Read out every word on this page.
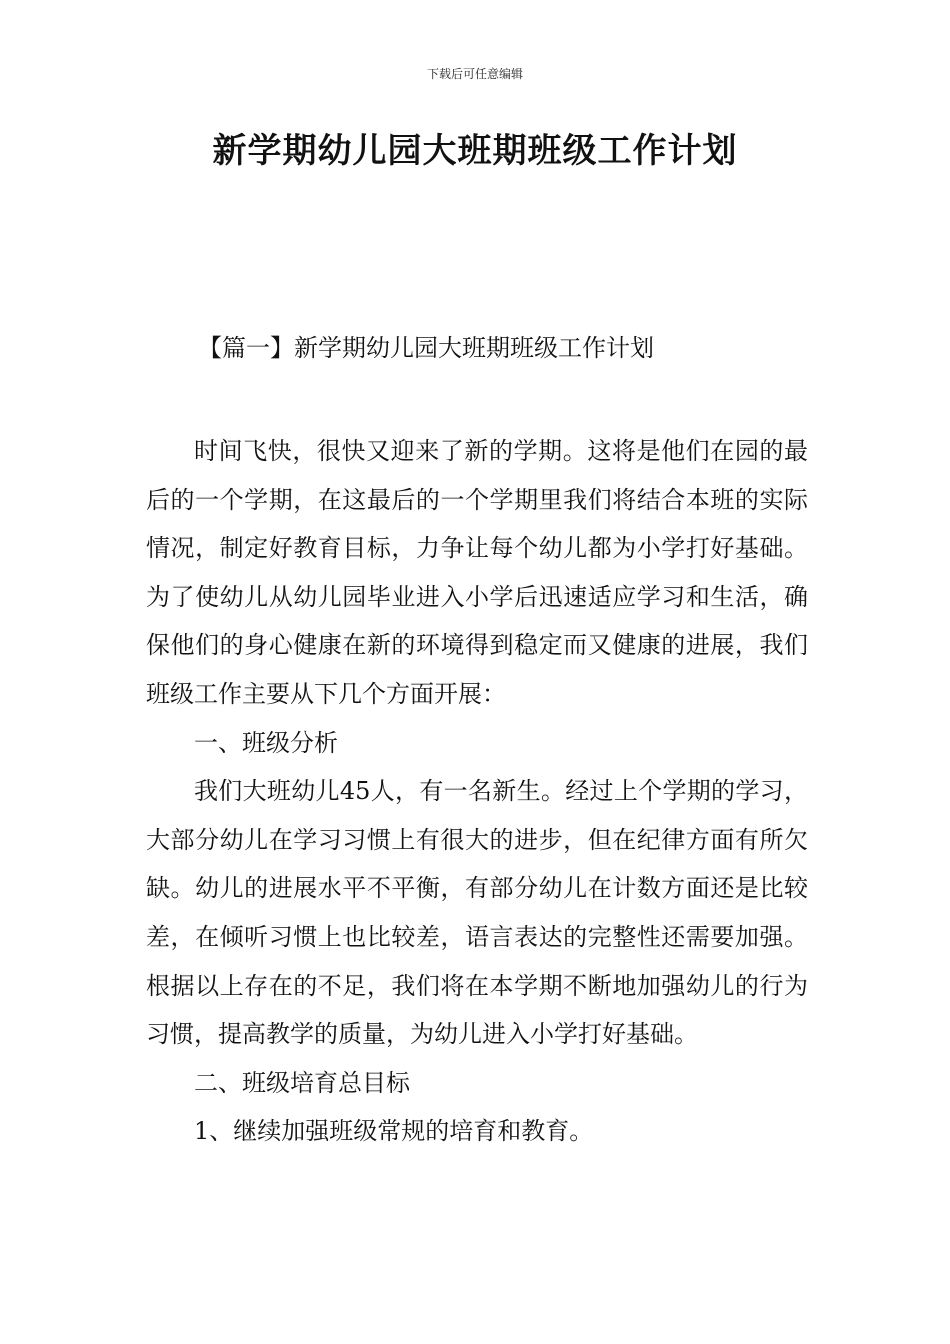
下载后可任意编辑
新学期幼儿园大班期班级工作计划
【篇一】新学期幼儿园大班期班级工作计划

时间飞快，很快又迎来了新的学期。这将是他们在园的最后的一个学期，在这最后的一个学期里我们将结合本班的实际情况，制定好教育目标，力争让每个幼儿都为小学打好基础。为了使幼儿从幼儿园毕业进入小学后迅速适应学习和生活，确保他们的身心健康在新的环境得到稳定而又健康的进展，我们班级工作主要从下几个方面开展：

一、班级分析

我们大班幼儿45人，有一名新生。经过上个学期的学习，大部分幼儿在学习习惯上有很大的进步，但在纪律方面有所欠缺。幼儿的进展水平不平衡，有部分幼儿在计数方面还是比较差，在倾听习惯上也比较差，语言表达的完整性还需要加强。根据以上存在的不足，我们将在本学期不断地加强幼儿的行为习惯，提高教学的质量，为幼儿进入小学打好基础。

二、班级培育总目标

1、继续加强班级常规的培育和教育。
